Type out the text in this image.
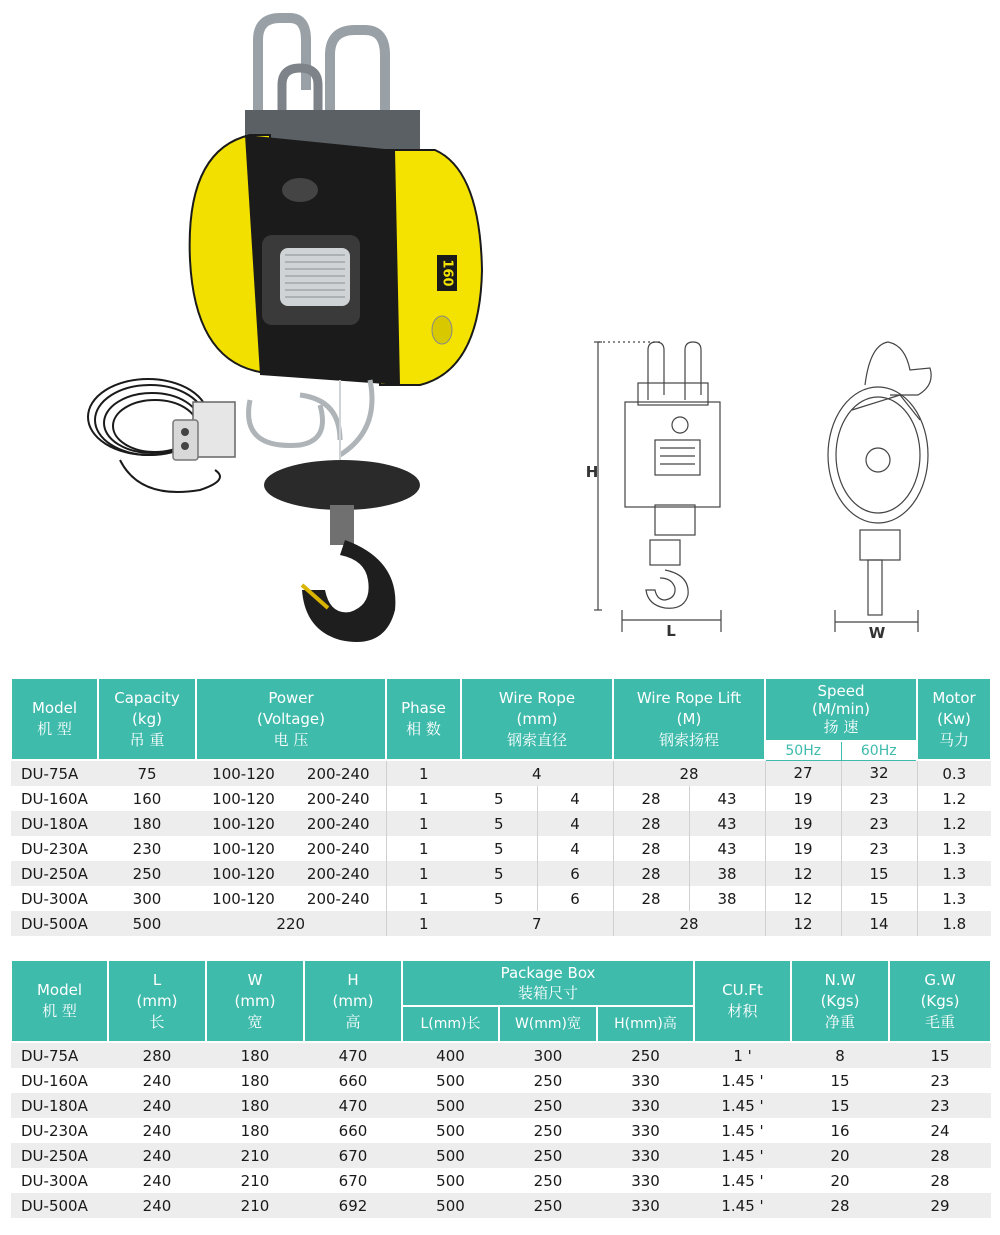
160
H
L	W
Model
机 型	Capacity
(kg)
吊 重	Power
(Voltage)
电 压		Phase
相 数	Wire Rope
(mm)
钢索直径		Wire Rope Lift
(M)
钢索扬程		Speed
(M/min)
扬 速		Motor
(Kw)
马力

									50Hz	60Hz	
DU-75A	75	100-120	200-240	1	4		28		27	32	0.3
DU-160A	160	100-120	200-240	1	5	4	28	43	19	23	1.2
DU-180A	180	100-120	200-240	1	5	4	28	43	19	23	1.2
DU-230A	230	100-120	200-240	1	5	4	28	43	19	23	1.3
DU-250A	250	100-120	200-240	1	5	6	28	38	12	15	1.3
DU-300A	300	100-120	200-240	1	5	6	28	38	12	15	1.3
DU-500A	500	220		1	7		28		12	14	1.8
Model
机 型	L
(mm)
长	W
(mm)
宽	H
(mm)
高	Package Box
装箱尺寸			CU.Ft
材积	N.W
(Kgs)
净重	G.W
(Kgs)
毛重

				L(mm)长	W(mm)宽	H(mm)高			
DU-75A	280	180	470	400	300	250	1 '	8	15
DU-160A	240	180	660	500	250	330	1.45 '	15	23
DU-180A	240	180	470	500	250	330	1.45 '	15	23
DU-230A	240	180	660	500	250	330	1.45 '	16	24
DU-250A	240	210	670	500	250	330	1.45 '	20	28
DU-300A	240	210	670	500	250	330	1.45 '	20	28
DU-500A	240	210	692	500	250	330	1.45 '	28	29
